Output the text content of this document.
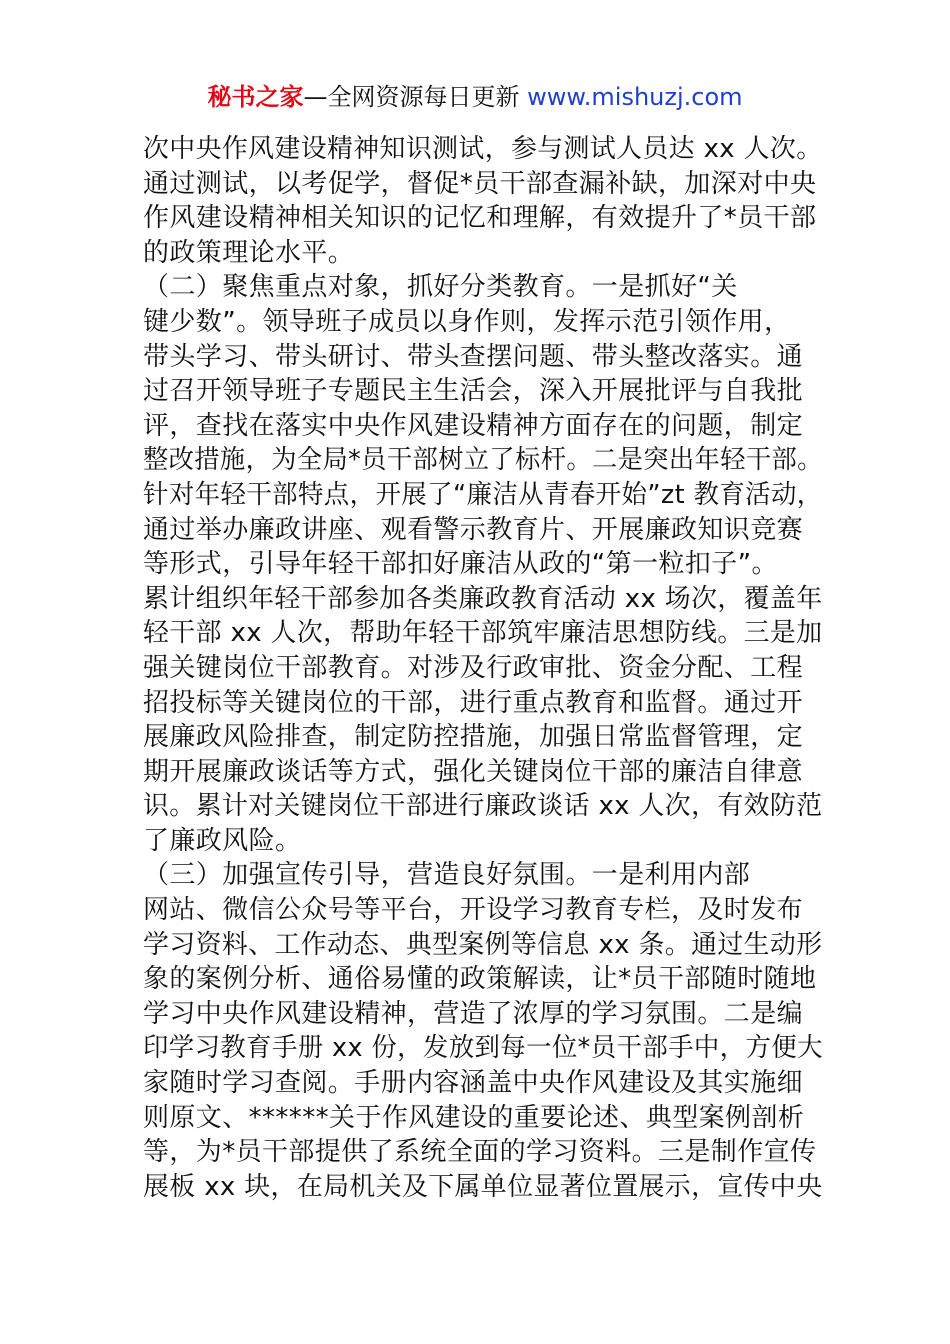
秘书之家—全网资源每日更新 www.mishuzj.com
次中央作风建设精神知识测试，参与测试人员达 xx 人次。
通过测试，以考促学，督促*员干部查漏补缺，加深对中央
作风建设精神相关知识的记忆和理解，有效提升了*员干部
的政策理论水平。
（二）聚焦重点对象，抓好分类教育。一是抓好“关
键少数”。领导班子成员以身作则，发挥示范引领作用，
带头学习、带头研讨、带头查摆问题、带头整改落实。通
过召开领导班子专题民主生活会，深入开展批评与自我批
评，查找在落实中央作风建设精神方面存在的问题，制定
整改措施，为全局*员干部树立了标杆。二是突出年轻干部。
针对年轻干部特点，开展了“廉洁从青春开始”zt 教育活动，
通过举办廉政讲座、观看警示教育片、开展廉政知识竞赛
等形式，引导年轻干部扣好廉洁从政的“第一粒扣子”。
累计组织年轻干部参加各类廉政教育活动 xx 场次，覆盖年
轻干部 xx 人次，帮助年轻干部筑牢廉洁思想防线。三是加
强关键岗位干部教育。对涉及行政审批、资金分配、工程
招投标等关键岗位的干部，进行重点教育和监督。通过开
展廉政风险排查，制定防控措施，加强日常监督管理，定
期开展廉政谈话等方式，强化关键岗位干部的廉洁自律意
识。累计对关键岗位干部进行廉政谈话 xx 人次，有效防范
了廉政风险。
（三）加强宣传引导，营造良好氛围。一是利用内部
网站、微信公众号等平台，开设学习教育专栏，及时发布
学习资料、工作动态、典型案例等信息 xx 条。通过生动形
象的案例分析、通俗易懂的政策解读，让*员干部随时随地
学习中央作风建设精神，营造了浓厚的学习氛围。二是编
印学习教育手册 xx 份，发放到每一位*员干部手中，方便大
家随时学习查阅。手册内容涵盖中央作风建设及其实施细
则原文、******关于作风建设的重要论述、典型案例剖析
等，为*员干部提供了系统全面的学习资料。三是制作宣传
展板 xx 块，在局机关及下属单位显著位置展示，宣传中央
